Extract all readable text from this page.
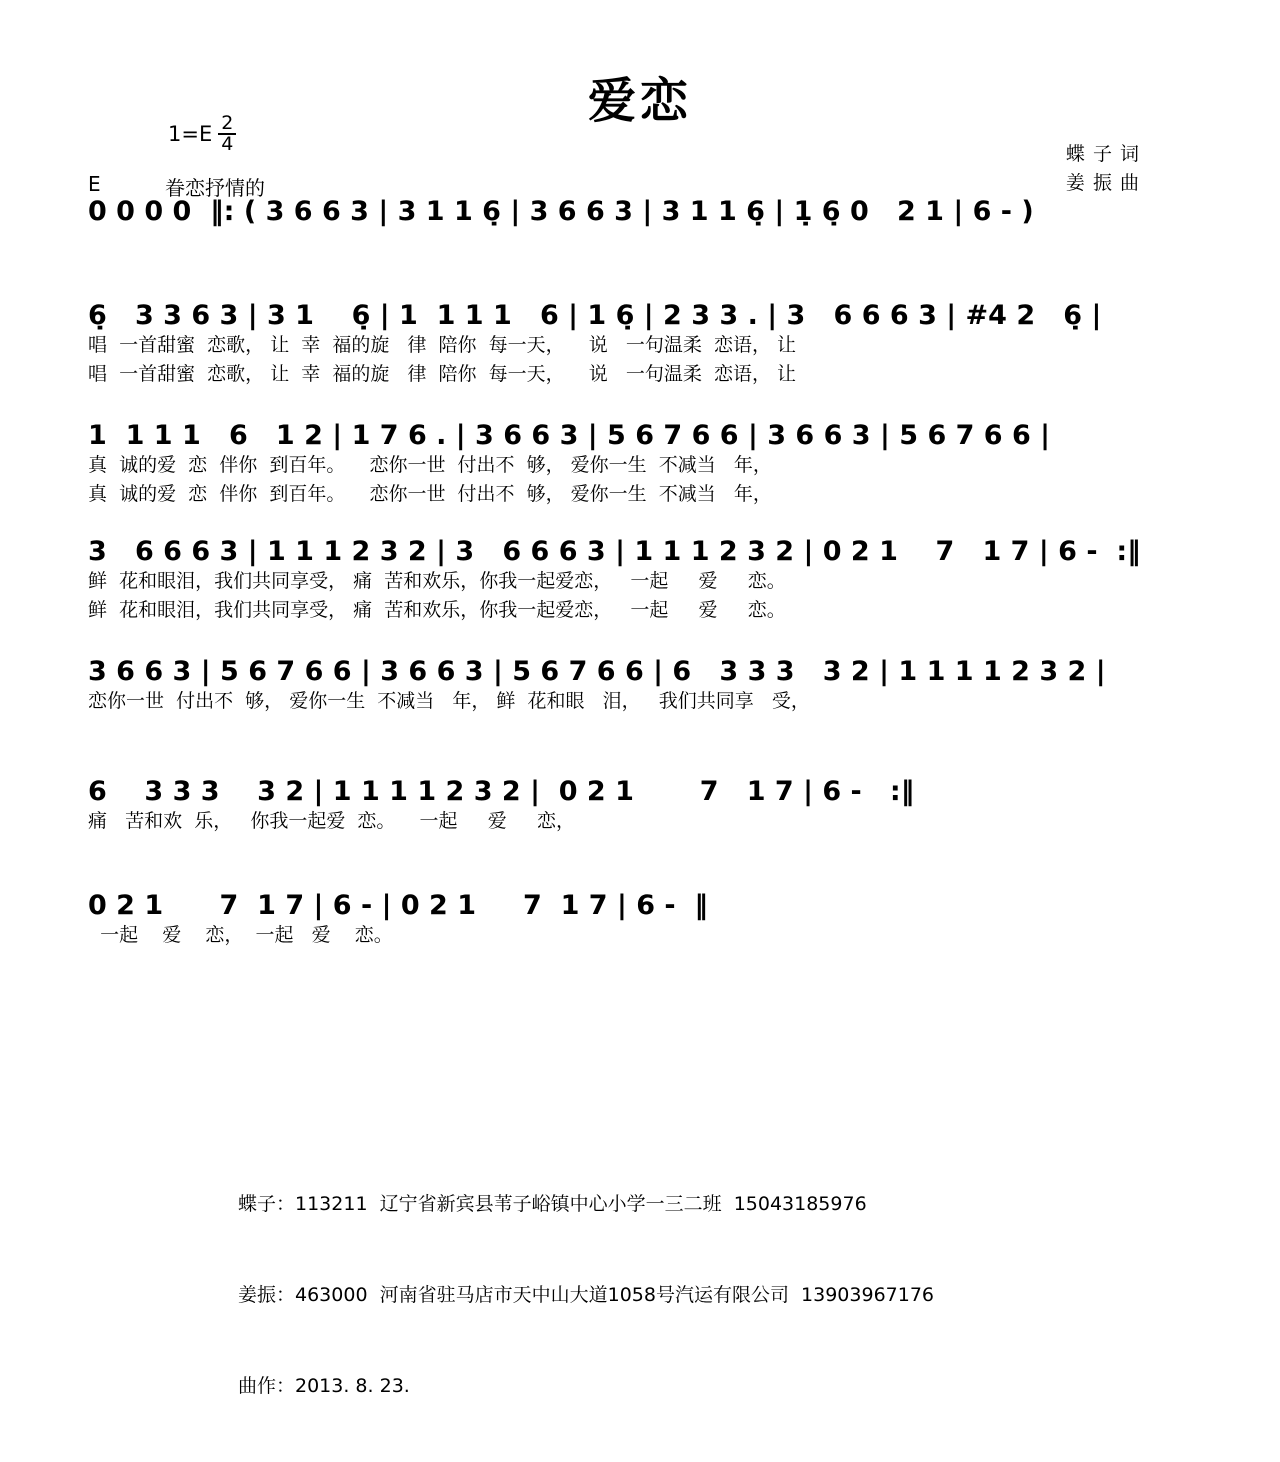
爱恋
$1=E \frac{2}{4}$
E	眷恋抒情的
蝶 子 词
姜 振 曲
0 0 0 0  ‖: ( 3 6 6 3 | 3 1 1 6̣ | 3 6 6 3 | 3 1 1 6̣ | 1̣ 6̣ 0   2 1 | 6 - )
6̣   3 3 6 3 | 3 1    6̣ | 1  1 1 1   6 | 1 6̣ | 2 3 3 . | 3   6 6 6 3 | #4 2   6̣ |
唱  一首甜蜜  恋歌， 让  幸  福的旋   律  陪你  每一天，    说   一句温柔  恋语， 让
唱  一首甜蜜  恋歌， 让  幸  福的旋   律  陪你  每一天，    说   一句温柔  恋语， 让
1  1 1 1   6   1 2 | 1 7 6 . | 3 6 6 3 | 5 6 7 6 6 | 3 6 6 3 | 5 6 7 6 6 |
真  诚的爱  恋  伴你  到百年。    恋你一世  付出不  够， 爱你一生  不减当   年，
真  诚的爱  恋  伴你  到百年。    恋你一世  付出不  够， 爱你一生  不减当   年，
3   6 6 6 3 | 1 1 1 2 3 2 | 3   6 6 6 3 | 1 1 1 2 3 2 | 0 2 1    7   1 7 | 6 -  :‖
鲜  花和眼泪，我们共同享受， 痛  苦和欢乐，你我一起爱恋，   一起     爱     恋。
鲜  花和眼泪，我们共同享受， 痛  苦和欢乐，你我一起爱恋，   一起     爱     恋。
3 6 6 3 | 5 6 7 6 6 | 3 6 6 3 | 5 6 7 6 6 | 6   3 3 3   3 2 | 1 1 1 1 2 3 2 |
恋你一世  付出不  够， 爱你一生  不减当   年， 鲜  花和眼   泪，   我们共同享   受，
6    3 3 3    3 2 | 1 1 1 1 2 3 2 |  0 2 1       7   1 7 | 6 -   :‖
痛   苦和欢  乐，   你我一起爱  恋。    一起     爱     恋，
0 2 1      7  1 7 | 6 - | 0 2 1     7  1 7 | 6 -  ‖
一起    爱    恋，  一起   爱    恋。

蝶子：113211  辽宁省新宾县苇子峪镇中心小学一三二班  15043185976

姜振：463000  河南省驻马店市天中山大道1058号汽运有限公司  13903967176

曲作：2013. 8. 23.
